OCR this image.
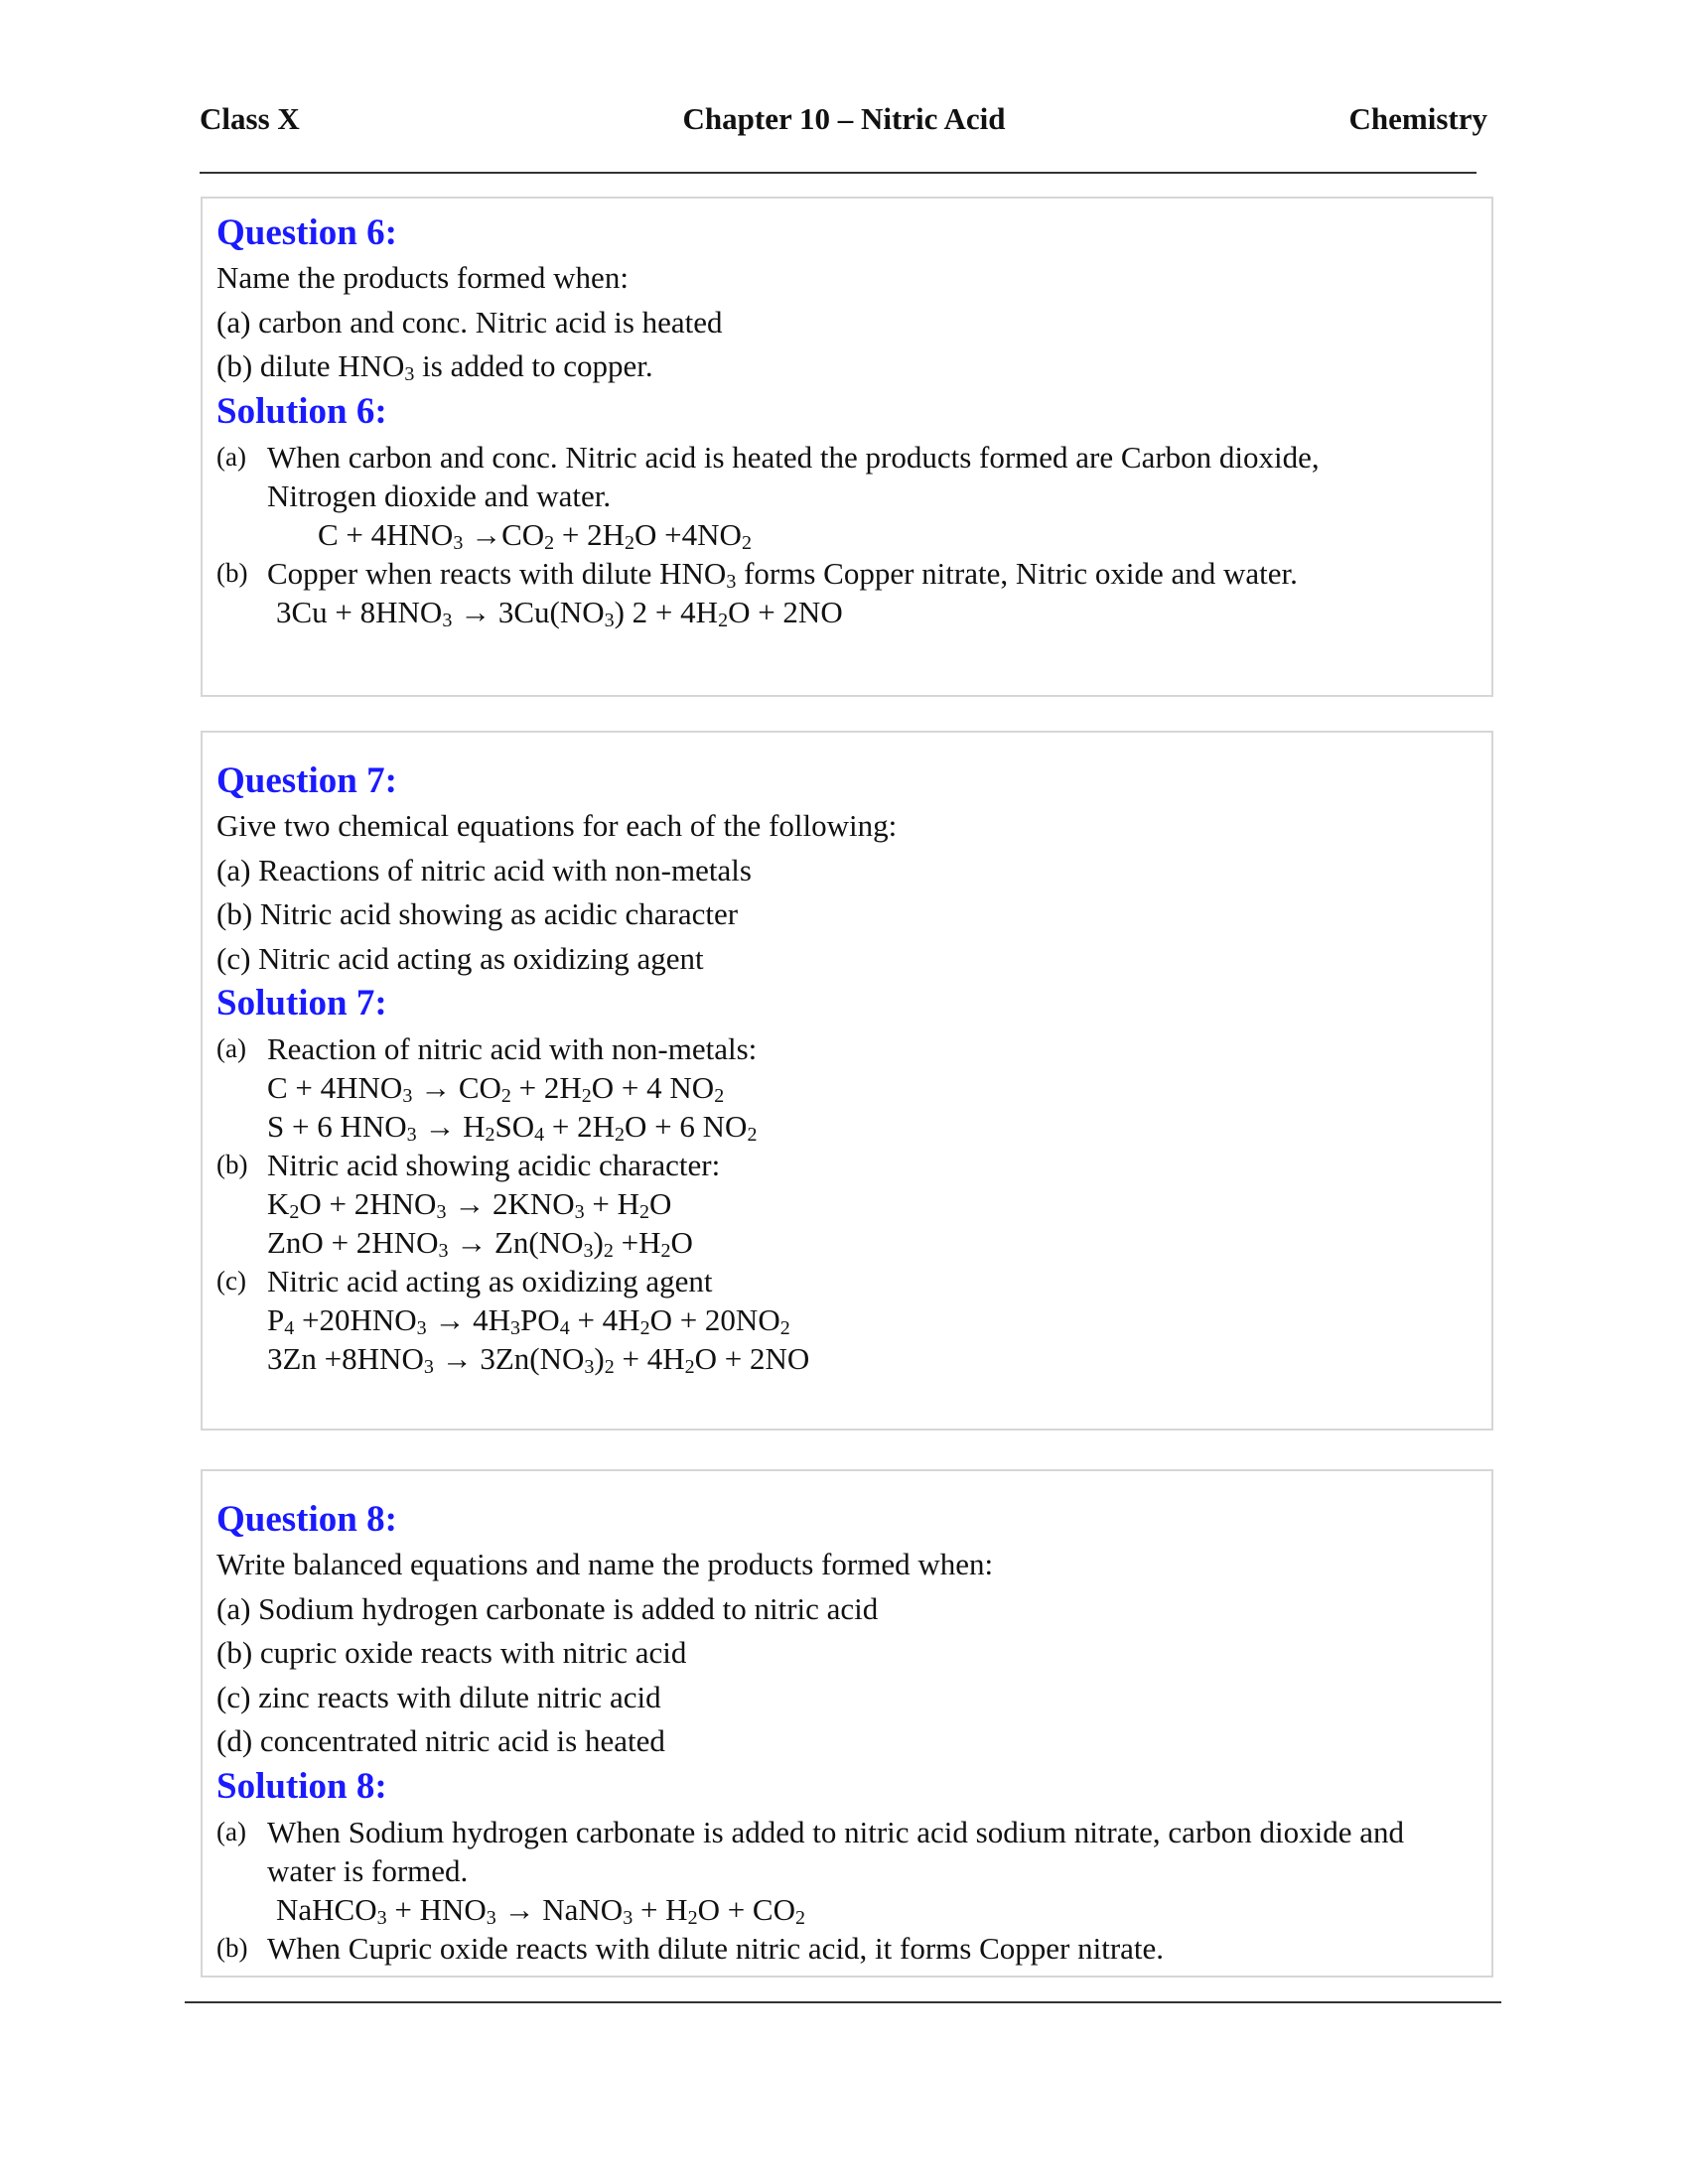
Class X	Chapter 10 – Nitric Acid	Chemistry
Question 6:
Name the products formed when:
(a) carbon and conc. Nitric acid is heated
(b) dilute $HNO_3$ is added to copper.
Solution 6:
(a) When carbon and conc. Nitric acid is heated the products formed are Carbon dioxide,
Nitrogen dioxide and water.
$C + 4HNO_3 \to CO_2 + 2H_2O +4NO_2$
(b) Copper when reacts with dilute $HNO_3$ forms Copper nitrate, Nitric oxide and water.
$3Cu + 8HNO_3 \to 3Cu(NO_3) 2 + 4H_2O + 2NO$
Question 7:
Give two chemical equations for each of the following:
(a) Reactions of nitric acid with non-metals
(b) Nitric acid showing as acidic character
(c) Nitric acid acting as oxidizing agent
Solution 7:
(a) Reaction of nitric acid with non-metals:
$C + 4HNO_3 \to CO_2 + 2H_2O + 4$ $NO_2$
S + 6 $HNO_3 \to H_2SO_4 + 2H_2O + 6$ $NO_2$
(b) Nitric acid showing acidic character:
$K_2O + 2HNO_3 \to 2KNO_3 + H_2O$
ZnO + $2HNO_3 \to Zn(NO_3)_2 +H_2O$
(c) Nitric acid acting as oxidizing agent
$P_4 +20HNO_3 \to 4H_3PO_4 + 4H_2O + 20NO_2$
$3Zn +8HNO_3 \to 3Zn(NO_3)_2 + 4H_2O + 2NO$
Question 8:
Write balanced equations and name the products formed when:
(a) Sodium hydrogen carbonate is added to nitric acid
(b) cupric oxide reacts with nitric acid
(c) zinc reacts with dilute nitric acid
(d) concentrated nitric acid is heated
Solution 8:
(a) When Sodium hydrogen carbonate is added to nitric acid sodium nitrate, carbon dioxide and
water is formed.
NaHCO$_3$ + $HNO_3$ → NaNO$_3$ + $H_2O + CO_2$
(b) When Cupric oxide reacts with dilute nitric acid, it forms Copper nitrate.
